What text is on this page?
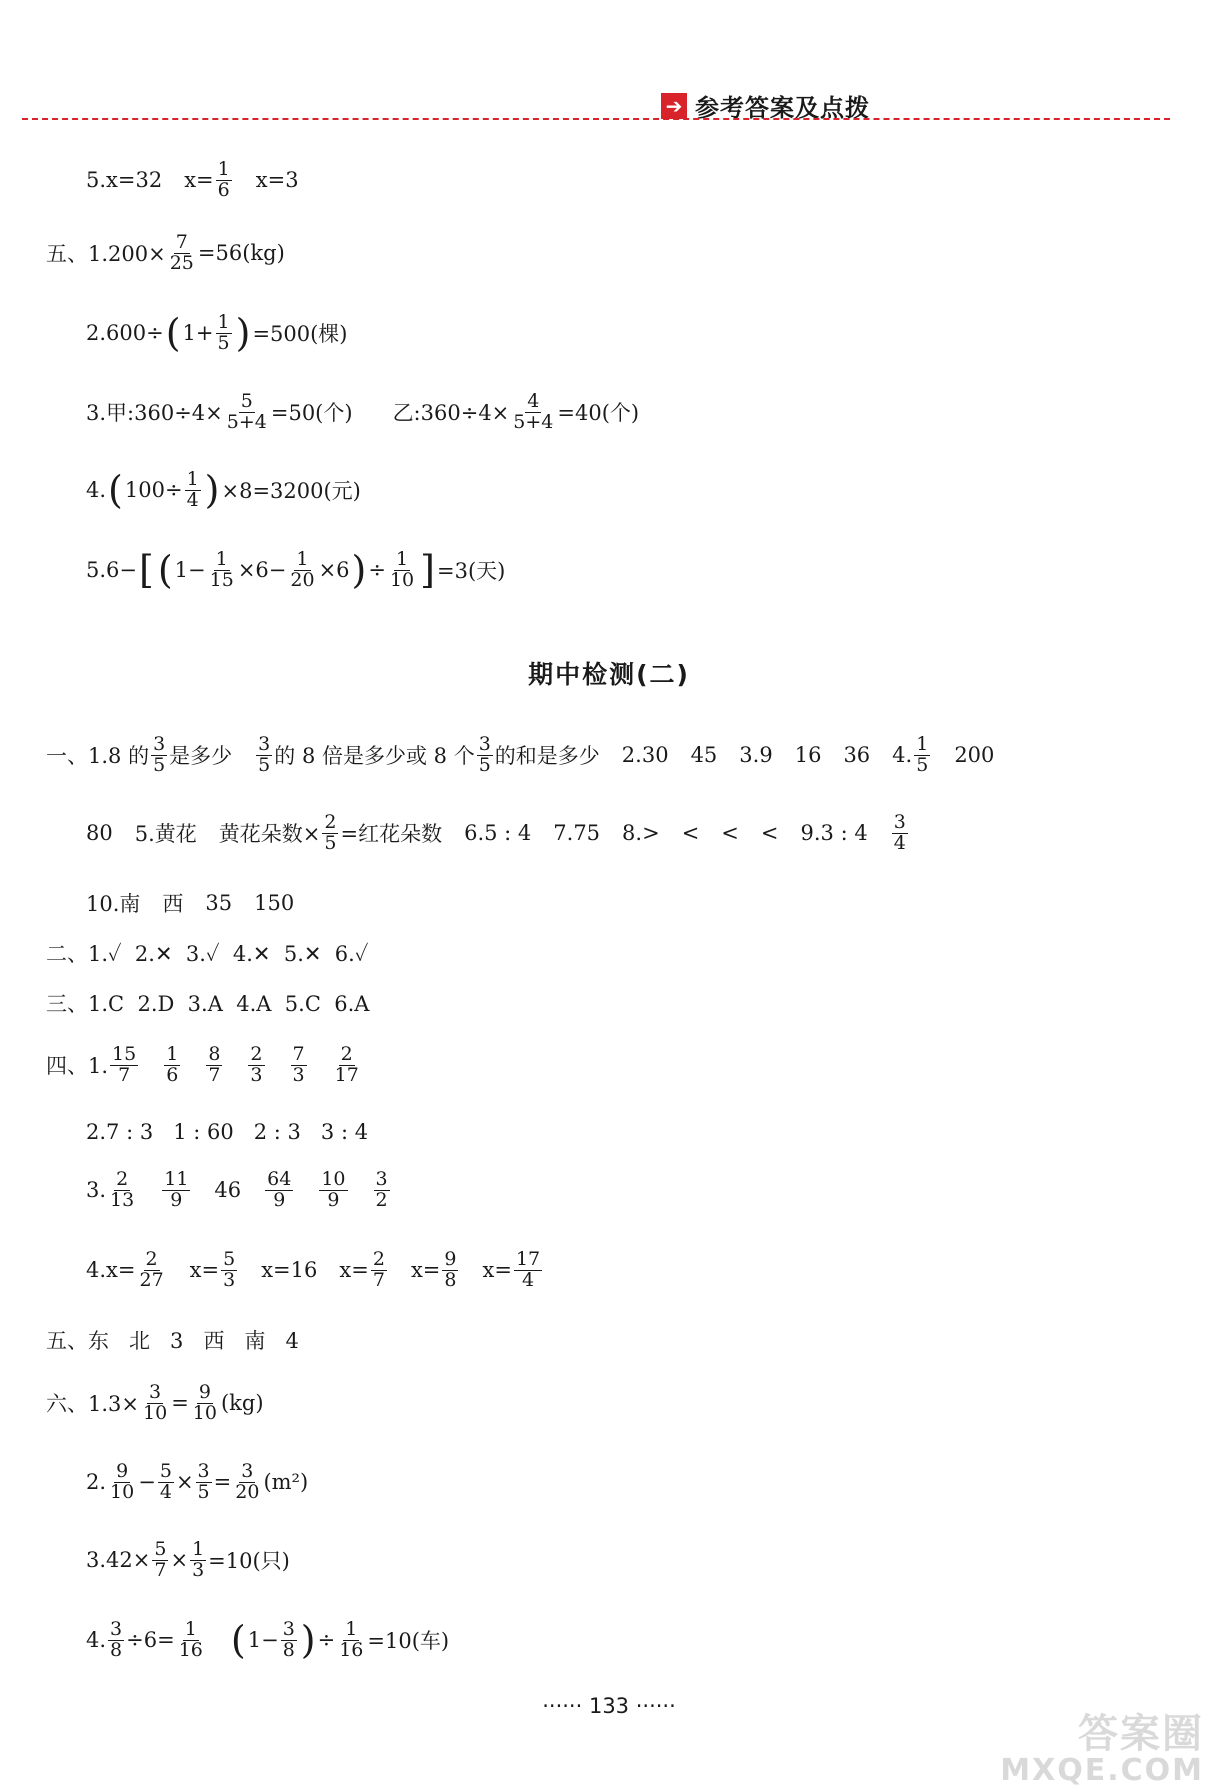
➔ 参考答案及点拨
5. x=32 $x= \frac{1}{6} x=3$
五、$1.200\times \frac{7}{25} =56(kg)$
2.600÷ ( $1+ \frac{1}{5}$ ) =500(棵)
3.甲:360÷4× $\frac{5}{5+4} =50$(个) 乙:360÷4× $\frac{4}{5+4} =40$(个)
4. ( $100\div \frac{1}{4}$ ) ×8=3200(元)
5.6− [ ( $1- \frac{1}{15} \times 6- \frac{1}{20} \times 6$ ) ÷ $\frac{1}{10}$ ] =3(天)
期中检测(二)
一、1.8 的
3
5 是多少
3
5 的 8 倍是多少或 8 个
3
5 的和是多少 2.30 45 3.9 16 36 4. 1
5 200
80 5.黄花 黄花朵数× $\frac{2}{5}$ =红花朵数 6.5 : 4 7.75 8.> < < < 9.3 : 4 3
4
10.南 西 35 150
二、1.✓  2.✕  3.✓  4.✕  5.✕  6.✓
三、1.C  2.D  3.A  4.A  5.C  6.A
四、1.
15
7
1
6
8
7
2
3
7
3
2
17
2.7 : 3   1 : 60   2 : 3   3 : 4
3. 2
13
11
9 46 64
9
10
9
3
2
$4.x= \frac{2}{27} x= \frac{5}{3} x=16$ $x= \frac{2}{7} x= \frac{9}{8} x= \frac{17}{4}$
五、东   北   3   西   南   4
六、$1.3\times \frac{3}{10} = \frac{9}{10} (kg)$
2. 9
$10 - \frac{5}{4} \times \frac{3}{5} = \frac{3}{20} (m^2)$
$3.42\times \frac{5}{7} \times \frac{1}{3} =10$(只)
4. $\frac{3}{8} \div 6= \frac{1}{16}$ ( $1- \frac{3}{8}$ ) ÷ $\frac{1}{16} =10$(车)
······ 133 ······
答案圈
MXQE.COM
